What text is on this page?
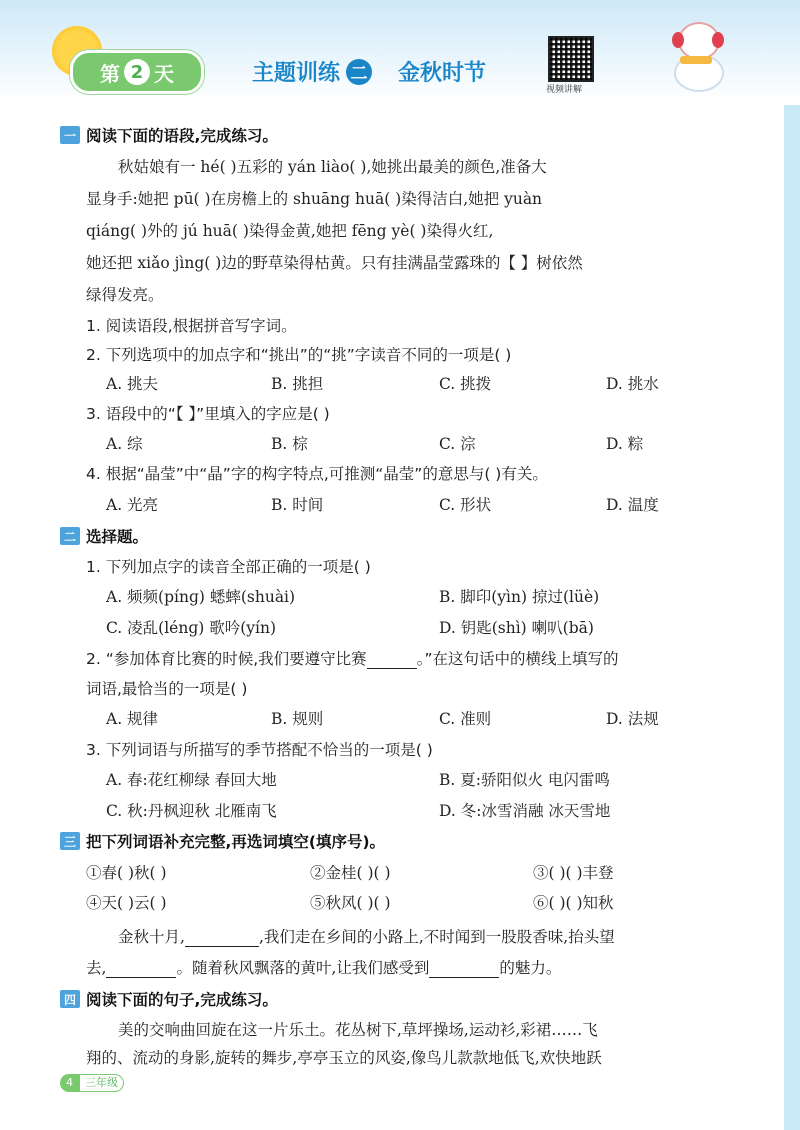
第 2 天	主题训练 二 金秋时节
视频讲解
一 阅读下面的语段,完成练习。
秋姑娘有一 hé( )五彩的 yán liào( ),她挑出最美的颜色,准备大
显身手:她把 pū( )在房檐上的 shuāng huā( )染得洁白,她把 yuàn
qiáng( )外的 jú huā( )染得金黄,她把 fēng yè( )染得火红,
她还把 xiǎo jìng( )边的野草染得枯黄。只有挂满晶莹露珠的【 】树依然
绿得发亮。
1. 阅读语段,根据拼音写字词。
2. 下列选项中的加点字和“挑出”的“挑”字读音不同的一项是( )
A. 挑夫	B. 挑担	C. 挑拨	D. 挑水
3. 语段中的“【 】”里填入的字应是( )
A. 综	B. 棕	C. 淙	D. 粽
4. 根据“晶莹”中“晶”字的构字特点,可推测“晶莹”的意思与( )有关。
A. 光亮	B. 时间	C. 形状	D. 温度
二 选择题。
1. 下列加点字的读音全部正确的一项是( )
A. 频频(pínɡ) 蟋蟀(shuài)	B. 脚印(yìn) 掠过(lüè)
C. 凌乱(lénɡ) 歌吟(yín)	D. 钥匙(shì) 喇叭(bā)
2. “参加体育比赛的时候,我们要遵守比赛	。”在这句话中的横线上填写的
词语,最恰当的一项是( )
A. 规律	B. 规则	C. 准则	D. 法规
3. 下列词语与所描写的季节搭配不恰当的一项是( )
A. 春:花红柳绿 春回大地	B. 夏:骄阳似火 电闪雷鸣
C. 秋:丹枫迎秋 北雁南飞	D. 冬:冰雪消融 冰天雪地
三 把下列词语补充完整,再选词填空(填序号)。
①春( )秋( )	②金桂( )( )	③( )( )丰登
④天( )云( )	⑤秋风( )( )	⑥( )( )知秋
金秋十月,	,我们走在乡间的小路上,不时闻到一股股香味,抬头望
去,	。随着秋风飘落的黄叶,让我们感受到	的魅力。
四 阅读下面的句子,完成练习。
美的交响曲回旋在这一片乐土。花丛树下,草坪操场,运动衫,彩裙……飞
翔的、流动的身影,旋转的舞步,亭亭玉立的风姿,像鸟儿款款地低飞,欢快地跃
4	三年级
